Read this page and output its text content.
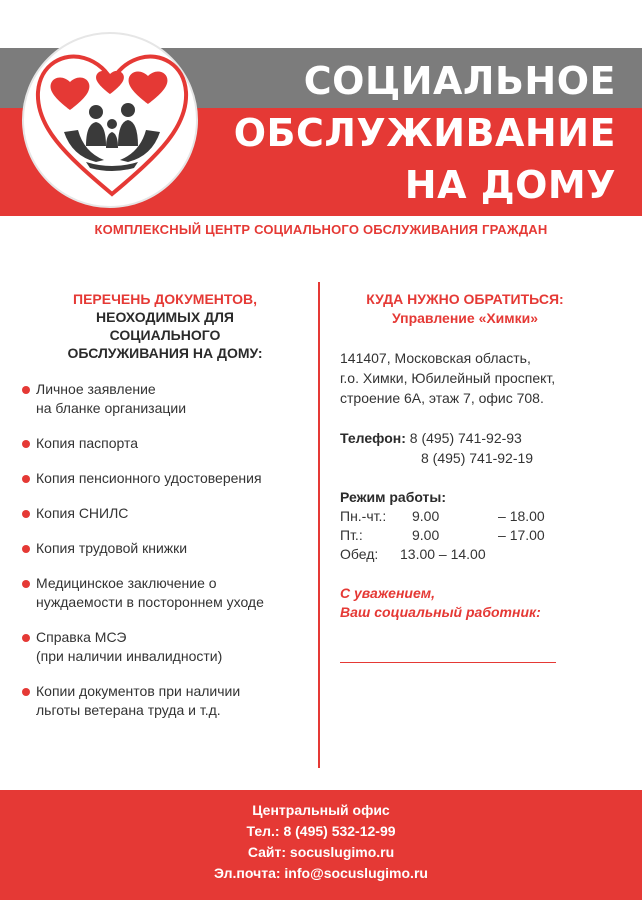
СОЦИАЛЬНОЕ
ОБСЛУЖИВАНИЕ
НА ДОМУ
КОМПЛЕКСНЫЙ ЦЕНТР СОЦИАЛЬНОГО ОБСЛУЖИВАНИЯ ГРАЖДАН
ПЕРЕЧЕНЬ ДОКУМЕНТОВ,
НЕОХОДИМЫХ ДЛЯ
СОЦИАЛЬНОГО
ОБСЛУЖИВАНИЯ НА ДОМУ:
Личное заявление
на бланке организации
Копия паспорта
Копия пенсионного удостоверения
Копия СНИЛС
Копия трудовой книжки
Медицинское заключение о
нуждаемости в постороннем уходе
Справка МСЭ
(при наличии инвалидности)
Копии документов при наличии
льготы ветерана труда и т.д.
КУДА НУЖНО ОБРАТИТЬСЯ:
Управление «Химки»
141407, Московская область,
г.о. Химки, Юбилейный проспект,
строение 6А, этаж 7, офис 708.
Телефон: 8 (495) 741-92-93
8 (495) 741-92-19
Режим работы:
Пн.-чт.:	9.00	– 18.00
Пт.:	9.00	– 17.00
Обед:	13.00 – 14.00
С уважением,
Ваш социальный работник:
Центральный офис
Тел.: 8 (495) 532-12-99
Сайт: socuslugimo.ru
Эл.почта: info@socuslugimo.ru
